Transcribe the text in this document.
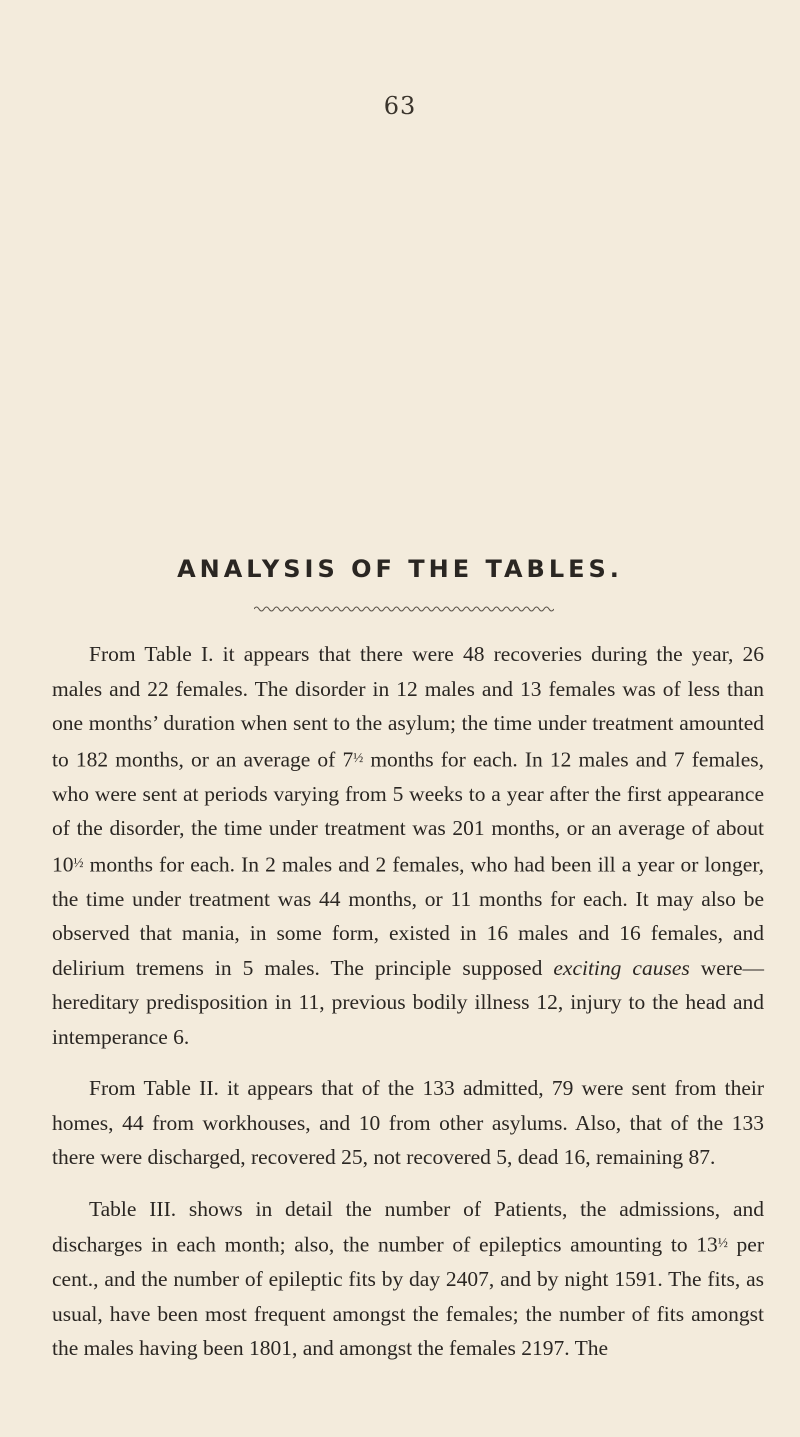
63
ANALYSIS OF THE TABLES.

From Table I. it appears that there were 48 recoveries during the year, 26 males and 22 females. The disorder in 12 males and 13 females was of less than one months’ duration when sent to the asylum; the time under treatment amounted to 182 months, or an average of $7^{\frac{1}{2}}$ months for each. In 12 males and 7 females, who were sent at periods varying from 5 weeks to a year after the first appearance of the disorder, the time under treatment was 201 months, or an average of about $10^{\frac{1}{2}}$ months for each. In 2 males and 2 females, who had been ill a year or longer, the time under treatment was 44 months, or 11 months for each. It may also be observed that mania, in some form, existed in 16 males and 16 females, and delirium tremens in 5 males. The principle supposed exciting causes were—hereditary predisposition in 11, previous bodily illness 12, injury to the head and intemperance 6.

From Table II. it appears that of the 133 admitted, 79 were sent from their homes, 44 from workhouses, and 10 from other asylums. Also, that of the 133 there were discharged, recovered 25, not recovered 5, dead 16, remaining 87.

Table III. shows in detail the number of Patients, the admissions, and discharges in each month; also, the number of epileptics amounting to $13^{\frac{1}{2}}$ per cent., and the number of epileptic fits by day 2407, and by night 1591. The fits, as usual, have been most frequent amongst the females; the number of fits amongst the males having been 1801, and amongst the females 2197. The
